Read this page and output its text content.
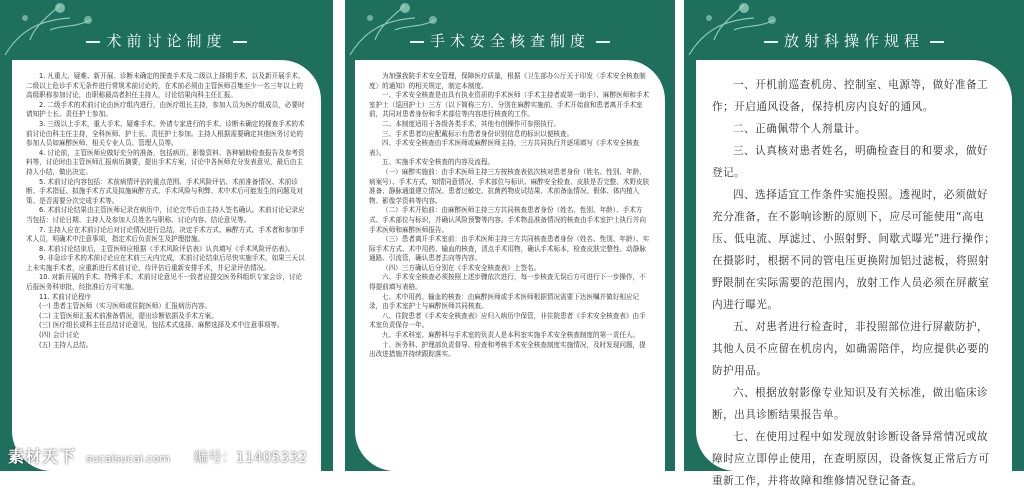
术前讨论制度

1. 凡重大、疑难、新开展、诊断未确定的探查手术及二级以上择期手术，以及新开展手术、二级以上危诊手术无条件进行常规术前讨论的，在术前必须由主管医师召集至少一名三年以上的高级职称参加讨论，由职称最高者担任主持人，讨论结果向科主任汇报。

2. 二级手术的术前讨论由医疗组内进行，由医疗组长主持，参加人员为医疗组成员，必要时请知护士长、责任护士参加。

3. 三级以上手术，重大手术、疑难手术、外请专家进行的手术、诊断未确定的探查手术的术前讨论由科主任主持，全科医师、护士长、责任护士参加。主持人根据需要确定其他医务讨论的参加人员如麻醉医师、相关专业人员、管理人员等。

4. 讨论前，主管医师应做好充分的准备，包括病历、影像资料、各种辅助检查报告及参考资料等，讨论时由主管医师汇报病历摘要，提出手术方案，讨论中各医师充分发表意见，最后由主持人小结，做出决定。

5. 术前讨论内容包括：术前病情评估的重点范围、手术风险评估、术前准备情况、术前诊断、手术指征、拟施手术方式及拟施麻醉方式、手术风险与利弊、术中术后可能发生的问题及对策、是否需要分次完成手术等。

6. 术前讨论结果由主管医师记录在病历中，讨论完毕后由主持人签名确认。术前讨论记录应当包括：讨论日期、主持人及参加人员姓名与职称、讨论内容、结论意见等。

7. 主持人应在术前讨论后对讨论情况进行总结，决定手术方式、麻醉方式、手术者和参加手术人员，明确术中注意事项，指定术后负责医生及护理措施。

8. 术前讨论结束后，主管医师应根据《手术风险评估表》认真填写《手术风险评估表》。

9. 非急诊手术的术前讨论应在术前三天内完成，术前讨论结束后尽快实施手术，如果三天以上未实施手术者，应重新进行术前讨论，待评估后重新安排手术，并记录评估情况。

10. 对新开展的手术、特殊手术、术前讨论意见不一致者应提交医务科组织专家会诊，讨论后报医务科审批，经批准后方可实施。

11. 术前讨论程序

(一) 患者主管医师（实习医师或住院医师）汇报病历内容。

(二) 主管医师汇报术前准备情况，提出诊断依据及手术方案。

(三) 医疗组长或科主任总结讨论意见，包括术式选择、麻醉选择及术中注意事项等。

(四) 会计讨论

(五) 主持人总结。

手术安全核查制度

为加强我院手术安全管理，保障医疗质量，根据《卫生部办公厅关于印发〈手术安全核查制度〉的通知》的相关规定，制定本制度。

一、手术安全核查是由具有执业资质的手术医师（手术主持者或第一助手）、麻醉医师和手术室护士（巡回护士）三方（以下简称三方），分别在麻醉实施前、手术开始前和患者离开手术室前，共同对患者身份和手术部位等内容进行核查的工作。

二、本制度适用于各级各类手术，其他有创操作可参照执行。

三、手术患者均应配戴标示有患者身份识别信息的标识以便核查。

四、手术安全核查由手术医师或麻醉医师主持，三方共同执行并逐项填写《手术安全核查表》。

五、实施手术安全核查的内容及流程。

（一）麻醉实施前：由手术医师主持三方按核查表依次核对患者身份（姓名、性别、年龄、病案号）、手术方式、知情同意情况、手术部位与标识、麻醉安全检查、皮肤是否完整、术野皮肤准备、静脉通道建立情况、患者过敏史、抗菌药物皮试结果、术前备血情况、假体、体内植入物、影像学资料等内容。

（二）手术开始前：由麻醉医师主持三方共同核查患者身份（姓名、性别、年龄）、手术方式、手术部位与标识，并确认风险预警等内容。手术物品准备情况的核查由手术室护士执行并向手术医师和麻醉医师报告。

（三）患者离开手术室前：由手术医师主持三方共同核查患者身份（姓名、性别、年龄）、实际手术方式、术中用药、输血的核查，清点手术用物，确认手术标本，检查皮肤完整性、动静脉通路、引流管，确认患者去向等内容。

（四）三方确认后分别在《手术安全核查表》上签名。

六、手术安全核查必须按照上述步骤依次进行，每一步核查无误后方可进行下一步操作，不得提前填写表格。

七、术中用药、输血的核查：由麻醉医师或手术医师根据情况需要下达医嘱并做好相应记录，由手术室护士与麻醉医师共同核查。

八、住院患者《手术安全核查表》应归入病历中保管，非住院患者《手术安全核查表》由手术室负责保存一年。

九、手术科室、麻醉科与手术室的负责人是本科室实施手术安全核查制度的第一责任人。

十、医务科、护理部负责督导、检查和考核手术安全核查制度实施情况，及时发现问题，提出改进措施并持续跟踪落实。

放射科操作规程

一、开机前巡查机房、控制室、电源等，做好准备工作；开启通风设备，保持机房内良好的通风。

二、正确佩带个人剂量计。

三、认真核对患者姓名，明确检查目的和要求，做好登记。

四、选择适宜工作条件实施投照。透视时，必须做好充分准备，在不影响诊断的原则下，应尽可能使用“高电压、低电流、厚滤过、小照射野、间歇式曝光”进行操作；在摄影时，根据不同的管电压更换附加铝过滤板，将照射野限制在实际需要的范围内，放射工作人员必须在屏蔽室内进行曝光。

五、对患者进行检查时，非投照部位进行屏蔽防护，其他人员不应留在机房内，如确需陪伴，均应提供必要的防护用品。

六、根据放射影像专业知识及有关标准，做出临床诊断，出具诊断结果报告单。

七、在使用过程中如发现放射诊断设备异常情况或故障时应立即停止使用，在查明原因，设备恢复正常后方可重新工作，并将故障和维修情况登记备查。

素材天下 sucaisucai.com 编号：11405332
